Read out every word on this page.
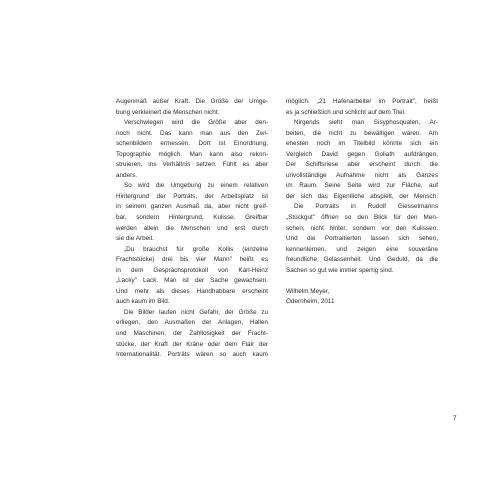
Augenmaß außer Kraft. Die Größe der Umge-
bung verkleinert die Menschen nicht.
Verschwiegen wird die Größe aber den-
noch nicht. Das kann man aus den Zwi-
schenbildern ermessen. Dort ist Einordnung,
Topographie möglich. Man kann also rekon-
struieren, ins Verhältnis setzen. Fühlt es aber
anders.
So wird die Umgebung zu einem relativen
Hintergrund der Porträts, der Arbeitsplatz ist
in seinem ganzen Ausmaß da, aber nicht greif-
bar, sondern Hintergrund, Kulisse. Greifbar
werden allein die Menschen und erst durch
sie die Arbeit.
„Du brauchst für große Kollis (einzelne
Frachtstücke) drei bis vier Mann" heißt es
in dem Gesprächsprotokoll von Karl-Heinz
„Lacky" Lack. Man ist der Sache gewachsen.
Und mehr als dieses Handhabbare erscheint
auch kaum im Bild.
Die Bilder laufen nicht Gefahr, der Größe zu
erliegen, den Ausmaßen der Anlagen, Hallen
und Maschinen, der Zahllosigkeit der Fracht-
stücke, der Kraft der Kräne oder dem Flair der
Internationalität. Porträts wären so auch kaum
möglich. „21 Hafenarbeiter im Portrait", heißt
es ja schließlich und schlicht auf dem Titel.
Nirgends sieht man Sisyphosqualen, Ar-
beiten, die nicht zu bewältigen wären. Am
ehesten noch im Titelbild könnte sich ein
Vergleich David gegen Goliath aufdrängen.
Der Schiffsriese aber erscheint durch die
unvollständige Aufnahme nicht als Ganzes
im Raum. Seine Seite wird zur Fläche, auf
der sich das Eigentliche abspielt, der Mensch.
Die Portraits in Rudolf Giesselmanns
„Stückgut" öffnen so den Blick für den Men-
schen, nicht hinter, sondern vor den Kulissen.
Und die Portraitierten lassen sich sehen,
kennenlernen, und zeigen eine souveräne
freundliche Gelassenheit. Und Geduld, da die
Sachen so gut wie immer sperrig sind.
Wilhelm Meyer,
Odernheim, 2011
7
